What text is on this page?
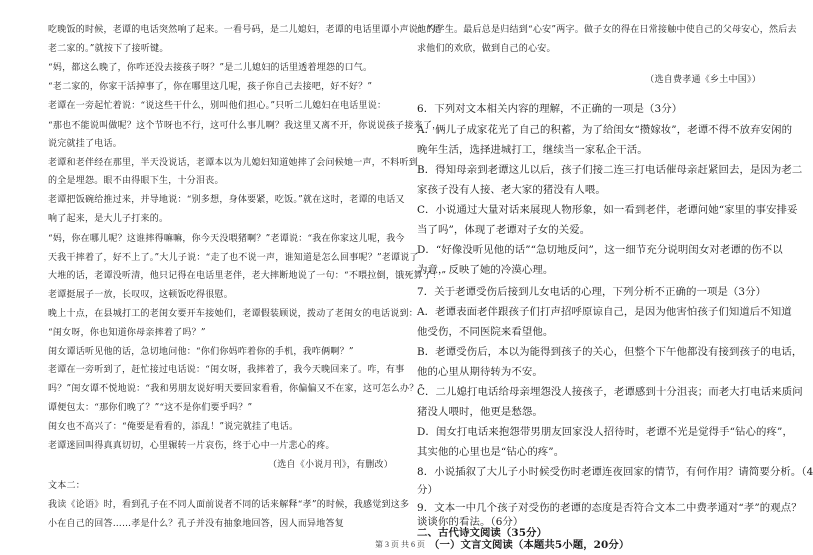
吃晚饭的时候，老谭的电话突然响了起来。一看号码，是二儿媳妇，老谭的电话里谭小声说：“是
老二家的。”就按下了接听键。
“妈，都这么晚了，你咋还没去接孩子呀？”是二儿媳妇的话里透着埋怨的口气。
“老二家的，你家干活掉事了，你在哪里这几呢，孩子你自己去接吧，好不好？”
老谭在一旁起忙着说：“说这些干什么，别叫他们担心。”只听二儿媳妇在电话里说：
“那也不能说叫做呢？这个节呀也不行，这可什么事儿啊？我这里又离不开，你说说孩子接来了，
说完就挂了电话。
老谭和老伴经在那里，半天没说话，老谭本以为儿媳妇知道她摔了会问候她一声，不料听到
的全是埋怨。眼不由得眼下生，十分泪丧。
老谭把饭碗给推过来，并导地说：“别多想，身体要紧，吃饭。”就在这时，老谭的电话又
响了起来，是大儿子打来的。
“妈，你在哪儿呢？这谁摔得嘛嘛，你今天没喂猪啊？”老谭说：“我在你家这儿呢，我今
天我干摔着了，好不上了。”大儿子说：“走了也不说一声，谁知道是怎么回事呢？”老谭说了
大堆的话，老谭没听清，他只记得在电话里老伴，老大摔断地说了一句：“不喂拉倒，饿死算了！”
老谭挺展子一放，长叹叹，这顿饭吃得很慰。
晚上十点，在县城打工的老闺女要开车接她们，老谭假装顾说，拨动了老闺女的电话说到：
“闺女呀，你也知道你母亲摔着了吗？”
闺女谭话听见他的话，急切地问他：“你们你妈咋着你的手机，我咋俩啊？”
老谭在一旁听到了，赶忙接过电话说：“闺女呀，我摔着了，我今天晚回来了。咋，有事
吗？”闺女谭不悦地说：“我和男朋友说好明天要回家看看，你偏偏又不在家，这可怎么办？”
谭便包太：“那你们晚了？”“这不是你们要乎吗？”
闺女也不高兴了：“俺要是看看的，添乱！”说完就挂了电话。
老谭迷回叫得真真切切，心里辗转一片哀伤，终于心中一片悲心的疼。
（选自《小说月刊》，有删改）
文本二：
我读《论语》时，看到孔子在不同人面前说者不同的话来解释“孝”的时候，我感觉到这多
小在自己的回答……孝是什么？孔子并没有抽象地回答，因人而异地答复
他的学生。最后总是归结到“心安”两字。做子女的得在日常接触中使自己的父母安心，然后去
求他们的欢欣，做到自己的心安。
（选自费孝通《乡土中国》）
6．下列对文本相关内容的理解，不正确的一项是（3分）
A．俩儿子成家花光了自己的积蓄，为了给闺女“攒嫁妆”，老谭不得不放弃安闲的
晚年生活，选择进城打工，继续当一家私企干活。
B．得知母亲到老谭这儿以后，孩子们接二连三打电话催母亲赶紧回去，是因为老二
家孩子没有人接、老大家的猪没有人喂。
C．小说通过大量对话来展现人物形象，如一看到老伴，老谭问她“家里的事安排妥
当了吗”，体现了老谭对子女的关爱。
D．“好像没听见他的话”“急切地反问”，这一细节充分说明闺女对老谭的伤不以
为意，反映了她的冷漠心理。
7．关于老谭受伤后接到儿女电话的心理，下列分析不正确的一项是（3分）
A．老谭表面老伴跟孩子们打声招呼原谅自己，是因为他害怕孩子们知道后不知道
他受伤，不同医院来看望他。
B．老谭受伤后，本以为能得到孩子的关心，但整个下午他都没有接到孩子的电话，
他的心里从期待转为不安。
C．二儿媳打电话给母亲埋怨没人接孩子，老谭感到十分沮丧；而老大打电话来质问
猪没人喂时，他更是愁怨。
D．闺女打电话来抱怨带男朋友回家没人招待时，老谭不光是觉得手“钻心的疼”，
其实他的心里也是“钻心的疼”。
8．小说插叙了大儿子小时候受伤时老谭连夜回家的情节，有何作用？请简要分析。（4
分）
9．文本一中几个孩子对受伤的老谭的态度是否符合文本二中费孝通对“孝”的观点？
谈谈你的看法。（6分）
二、古代诗文阅读（35分）
（一）文言文阅读（本题共5小题，20分）
第 3 页 共 6 页
